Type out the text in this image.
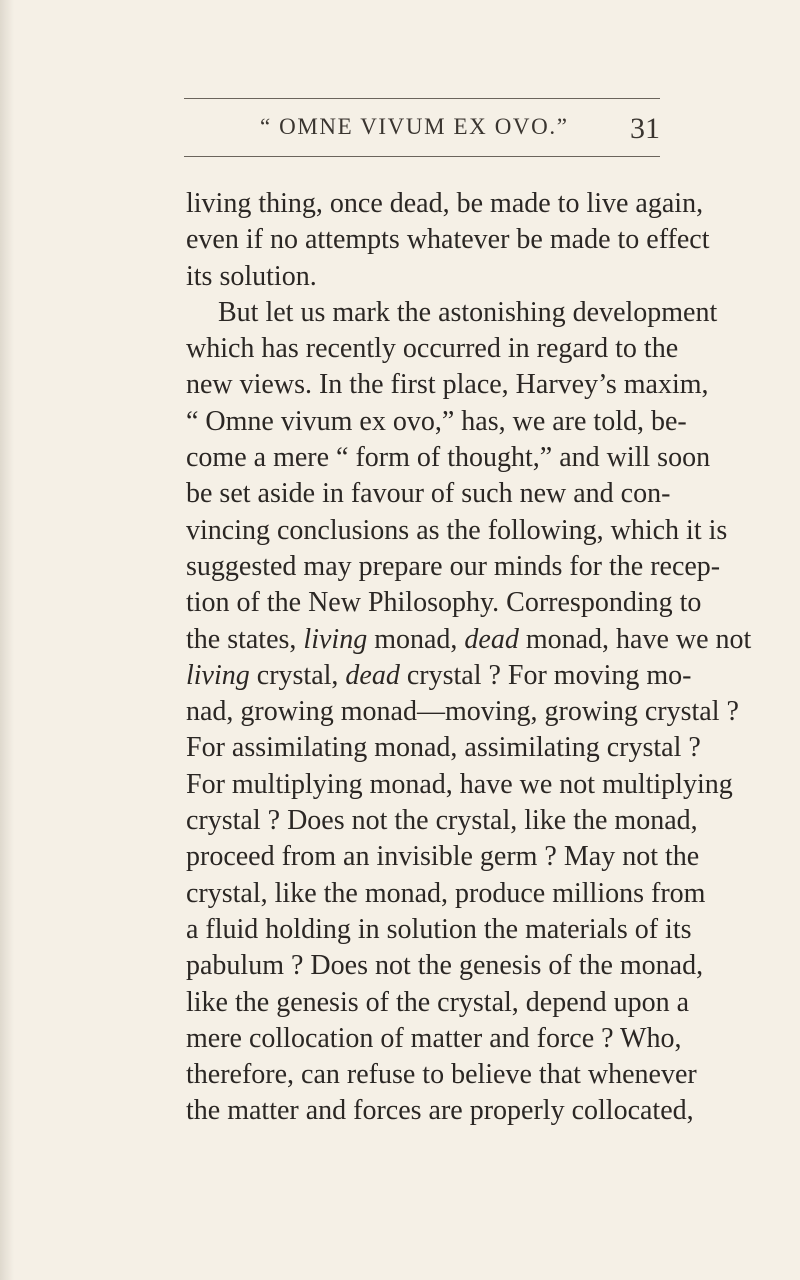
“ OMNE VIVUM EX OVO.” 31
living thing, once dead, be made to live again,
even if no attempts whatever be made to effect
its solution.
But let us mark the astonishing development
which has recently occurred in regard to the
new views. In the first place, Harvey’s maxim,
“ Omne vivum ex ovo,” has, we are told, be-
come a mere “ form of thought,” and will soon
be set aside in favour of such new and con-
vincing conclusions as the following, which it is
suggested may prepare our minds for the recep-
tion of the New Philosophy. Corresponding to
the states, living monad, dead monad, have we not
living crystal, dead crystal ? For moving mo-
nad, growing monad—moving, growing crystal ?
For assimilating monad, assimilating crystal ?
For multiplying monad, have we not multiplying
crystal ? Does not the crystal, like the monad,
proceed from an invisible germ ? May not the
crystal, like the monad, produce millions from
a fluid holding in solution the materials of its
pabulum ? Does not the genesis of the monad,
like the genesis of the crystal, depend upon a
mere collocation of matter and force ? Who,
therefore, can refuse to believe that whenever
the matter and forces are properly collocated,
